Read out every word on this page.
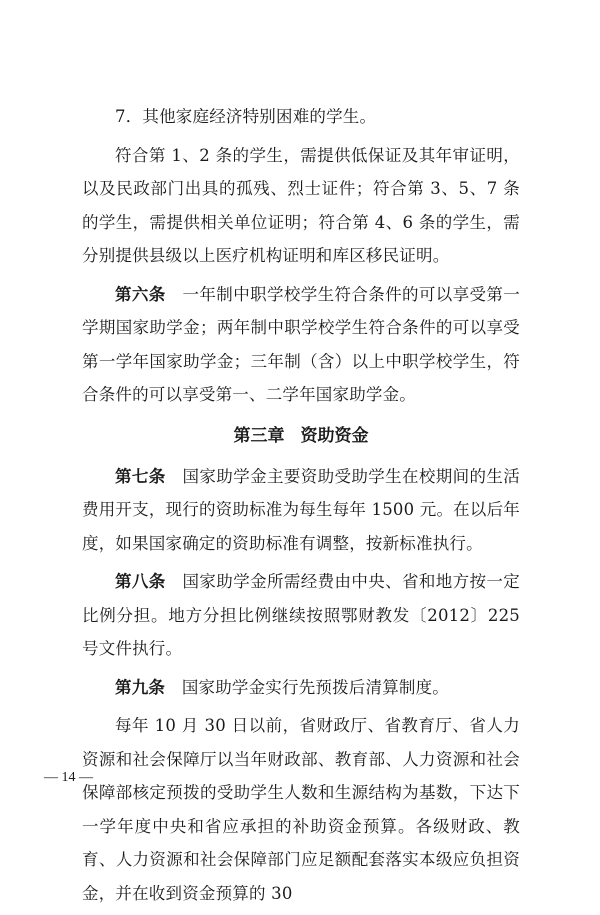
7．其他家庭经济特别困难的学生。

符合第 1、2 条的学生，需提供低保证及其年审证明，以及民政部门出具的孤残、烈士证件；符合第 3、5、7 条的学生，需提供相关单位证明；符合第 4、6 条的学生，需分别提供县级以上医疗机构证明和库区移民证明。

第六条　 一年制中职学校学生符合条件的可以享受第一学期国家助学金；两年制中职学校学生符合条件的可以享受第一学年国家助学金；三年制（含）以上中职学校学生，符合条件的可以享受第一、二学年国家助学金。

第三章 资助资金

第七条　 国家助学金主要资助受助学生在校期间的生活费用开支，现行的资助标准为每生每年 1500 元。在以后年度，如果国家确定的资助标准有调整，按新标准执行。

第八条　 国家助学金所需经费由中央、省和地方按一定比例分担。地方分担比例继续按照鄂财教发〔2012〕225 号文件执行。

第九条　 国家助学金实行先预拨后清算制度。

每年 10 月 30 日以前，省财政厅、省教育厅、省人力资源和社会保障厅以当年财政部、教育部、人力资源和社会保障部核定预拨的受助学生人数和生源结构为基数，下达下一学年度中央和省应承担的补助资金预算。各级财政、教育、人力资源和社会保障部门应足额配套落实本级应负担资金，并在收到资金预算的 30

— 14 —
